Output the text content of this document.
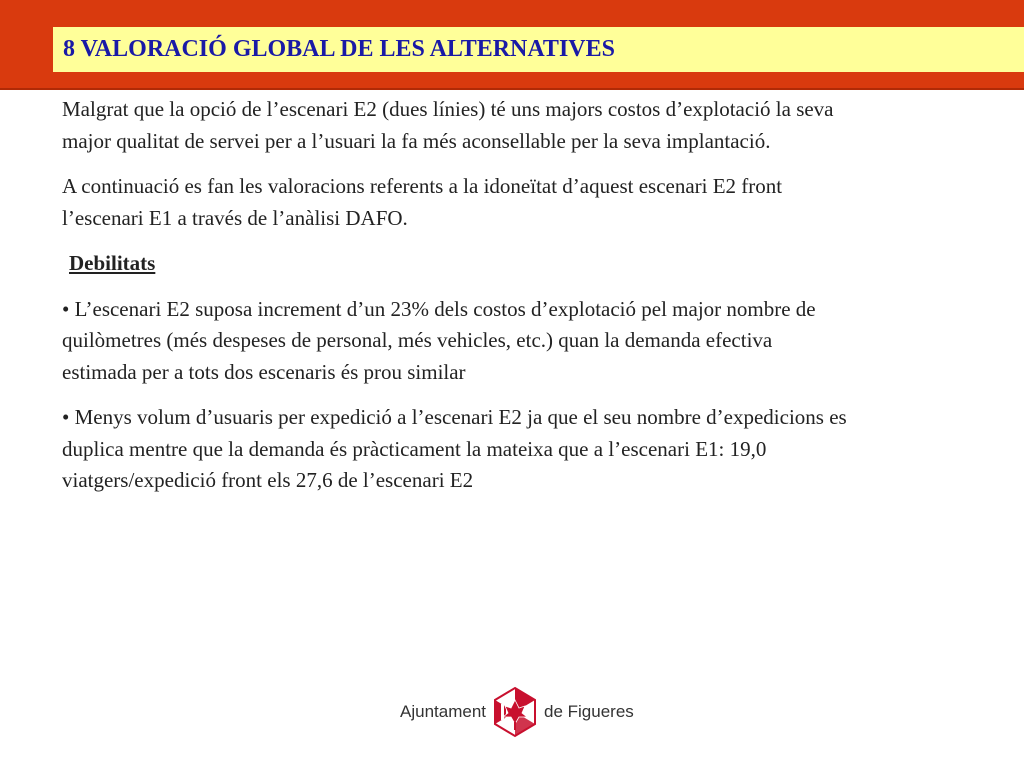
8 VALORACIÓ GLOBAL DE LES ALTERNATIVES

Malgrat que la opció de l’escenari E2 (dues línies) té uns majors costos d’explotació la seva major qualitat de servei per a l’usuari la fa més aconsellable per la seva implantació.

A continuació es fan les valoracions referents a la idoneïtat d’aquest escenari E2 front l’escenari E1 a través de l’anàlisi DAFO.

Debilitats

• L’escenari E2 suposa increment d’un 23% dels costos d’explotació pel major nombre de quilòmetres (més despeses de personal, més vehicles, etc.) quan la demanda efectiva estimada per a tots dos escenaris és prou similar

• Menys volum d’usuaris per expedició a l’escenari E2 ja que el seu nombre d’expedicions es duplica mentre que la demanda és pràcticament la mateixa que a l’escenari E1: 19,0 viatgers/expedició front els 27,6 de l’escenari E2

Ajuntament	de Figueres
